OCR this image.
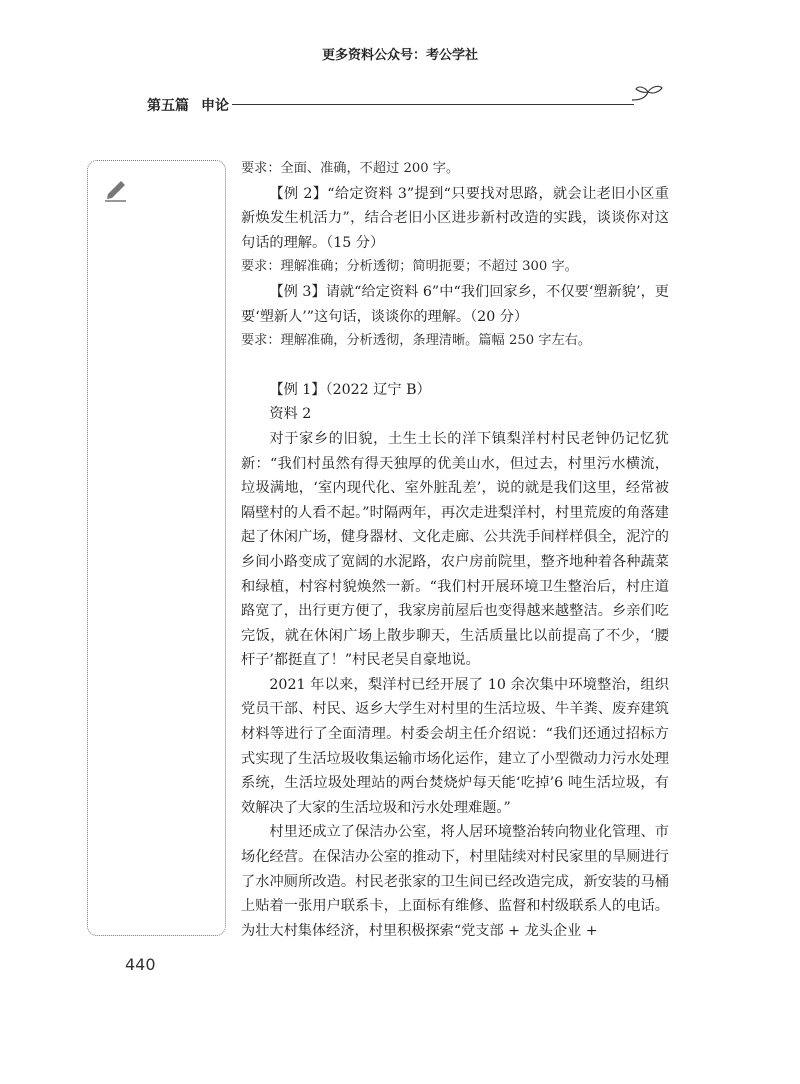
更多资料公众号：考公学社
第五篇 申论

要求：全面、准确，不超过 200 字。

【例 2】“给定资料 3”提到“只要找对思路，就会让老旧小区重新焕发生机活力”，结合老旧小区进步新村改造的实践，谈谈你对这句话的理解。（15 分）

要求：理解准确；分析透彻；简明扼要；不超过 300 字。

【例 3】请就“给定资料 6”中“我们回家乡，不仅要‘塑新貌’，更要‘塑新人’”这句话，谈谈你的理解。（20 分）

要求：理解准确，分析透彻，条理清晰。篇幅 250 字左右。

【例 1】（2022 辽宁 B）

资料 2

对于家乡的旧貌，土生土长的洋下镇梨洋村村民老钟仍记忆犹新：“我们村虽然有得天独厚的优美山水，但过去，村里污水横流，垃圾满地，‘室内现代化、室外脏乱差’，说的就是我们这里，经常被隔壁村的人看不起。”时隔两年，再次走进梨洋村，村里荒废的角落建起了休闲广场，健身器材、文化走廊、公共洗手间样样俱全，泥泞的乡间小路变成了宽阔的水泥路，农户房前院里，整齐地种着各种蔬菜和绿植，村容村貌焕然一新。“我们村开展环境卫生整治后，村庄道路宽了，出行更方便了，我家房前屋后也变得越来越整洁。乡亲们吃完饭，就在休闲广场上散步聊天，生活质量比以前提高了不少，‘腰杆子’都挺直了！”村民老吴自豪地说。

2021 年以来，梨洋村已经开展了 10 余次集中环境整治，组织党员干部、村民、返乡大学生对村里的生活垃圾、牛羊粪、废弃建筑材料等进行了全面清理。村委会胡主任介绍说：“我们还通过招标方式实现了生活垃圾收集运输市场化运作，建立了小型微动力污水处理系统，生活垃圾处理站的两台焚烧炉每天能‘吃掉’6 吨生活垃圾，有效解决了大家的生活垃圾和污水处理难题。”

村里还成立了保洁办公室，将人居环境整治转向物业化管理、市场化经营。在保洁办公室的推动下，村里陆续对村民家里的旱厕进行了水冲厕所改造。村民老张家的卫生间已经改造完成，新安装的马桶上贴着一张用户联系卡，上面标有维修、监督和村级联系人的电话。为壮大村集体经济，村里积极探索“党支部 + 龙头企业 +

440
